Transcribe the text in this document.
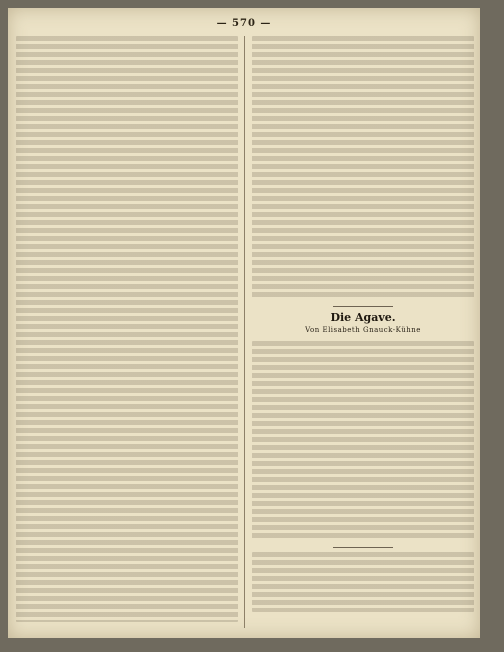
— 570 —
Die Agave.
Von Elisabeth Gnauck-Kühne
